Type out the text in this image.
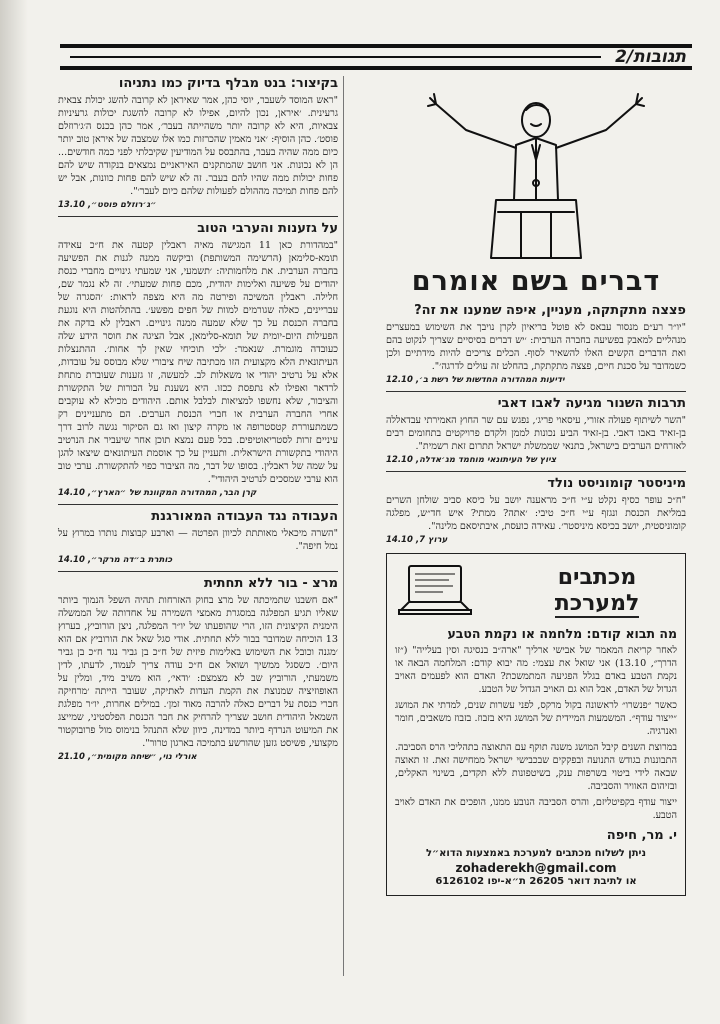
תגובות/2
דברים בשם אומרם
פצצה מתקתקה, מעניין, איפה שמענו את זה?
"יו״ר רע״ם מנסור עבאס לא פוטל בריאיון לקרן נויבך את השימוש במעצרים מנהליים למאבק בפשיעה בחברה הערבית: ׳יש דברים בסיסיים שצריך לנקוט בהם ואת הדברים הקשים האלו להשאיר לסוף. הכלים צריכים להיות מידתיים ולכן כשמדובר על סכנת חיים, פצצה מתקתקת, בהחלט זה עולים לדרגה׳".
ידיעות המהדורה החדשות של רשת ב׳, 12.10
תרבות השנור מגיעה לאבו דאבי
"השר לשיתוף פעולה אזורי, עיסאוי פריג׳, נפגש עם שר החוץ האמירתי עבדאללה בן-זאיד באבו דאבי. בן-זאיד הביע נכונות לממן ולקדם פרויקטים בתחומים רבים לאזרחים הערבים בישראל, בתנאי שממשלת ישראל תתרום זאת רשמית".
ציוץ של העיתונאי מוחמד מג׳אדלה, 12.10
מיניסטר קומוניסט נולד
"ח״כ עופר כסיף נקלט ע״י ח״כ מראענה יושב על כיסא סביב שולחן השרים במליאת הכנסת ונגזף ע״י ח״כ טיבי: ׳אתה? ממתי? איש חד״ש, מפלגה קומוניסטית, יושב בכיסא מיניסטר׳. עאידה כועסת, איבתיסאם מלינה".
ערוץ 7, 14.10
מכתבים
למערכת
מה תבוא קודם: מלחמה או נקמת הטבע
לאחר קריאת המאמר של אבישי ארליך "ארה״ב בנסיגה וסין בעלייה" (״זו הדרך״, 13.10) אני שואל את עצמי: מה יבוא קודם: המלחמה הבאה או נקמת הטבע באדם בגלל הפגיעה המתמשכת? האדם הוא לפעמים האויב הגדול של האדם, אבל הוא גם האויב הגדול של הטבע.
כאשר ״פנשרו״ לראשונה בקול מרקס, לפני עשרות שנים, למדתי את המושג ״ייצור עודף״. המשמעות המיידית של המושג היא בזבוז. בזבוז משאבים, חומר ואנרגיה.
במרוצת השנים קיבל המושג משנה תוקף עם התאוצה בתהליכי הרס הסביבה. התבוננות בגודש התנועה ובפקקים שבכבישי ישראל ממחישה זאת. זו תאוצה שבאה לידי ביטוי בשרפות ענק, בשיטפונות ללא תקדים, בשינוי האקלים, ובזיהום האוויר והסביבה.
ייצור עודף בקפיטליזם, והרס הסביבה הנובע ממנו, הופכים את האדם לאויב הטבע.
י. מר, חיפה
ניתן לשלוח מכתבים למערכת באמצעות הדוא״ל
zohaderekh@gmail.com
או לתיבת דואר 26205 ת״א-יפו 6126102
בקיצור: בנט מבלף בדיוק כמו נתניהו
"ראש המוסד לשעבר, יוסי כהן, אמר שאיראן לא קרובה להשג יכולת צבאית גרעינית. ׳איראן, נכון להיום, אפילו לא קרובה להשגת יכולות גרעיניות צבאיות, היא לא קרובה יותר משהייתה בעבר׳, אמר כהן בכנס ה׳ג׳רוזלם פוסט׳. כהן הוסיף: ׳אני מאמין שהכרזות כמו אלו שמצבה של איראן טוב יותר כיום ממה שהיה בעבר, בהתבסס על המודיעין שקיבלתי לפני כמה חודשים... הן לא נכונות. אני חושב שהמתקנים האיראניים נמצאים בנקודה שיש להם פחות יכולות ממה שהיו להם בעבר. זה לא שיש להם פחות כוונות, אבל יש להם פחות תמיכה מההולם לפעולות שלהם כיום לעבר׳".
״ג׳רוזלם פוסט״, 13.10
על גזענות והערבי הטוב
"במהדורת כאן 11 המגישה מאיה ראבלין קטעה את ח״כ עאידה תומא-סלימאן (הרשימה המשותפת) וביקשה ממנה לגנות את הפשיעה בחברה הערבית. את מלחמותיה: ׳תשמעי, אני שמעתי גינויים מחברי כנסת יהודים על פשיעה ואלימות יהודית, מכם פחות שמעתי׳. זה לא נגמר שם, חלילה. ראבלין המשיכה ופירטה מה היא מצפה לראות: ׳הסגרה של עבריינים, כאלה שגורמים למוות של חפים מפשע׳. בהתלהטות היא נוגעת בחברה הכנסת על כך שלא שמעה ממנה גינויים. ראבלין לא בדקה את הפעילות היום-יומית של תומא-סלימאן, אבל הציגה את חוסר הידע שלה כעובדה מוגמרת. שנאמר: ׳לכי תוכיחי שאין לך אחות׳. ההתנצלות העיתונאית הלא מקצועית הזו מכתיבה שיח ציבורי שלא מבוסס על עובדות, אלא על נרטיב יהודי או משאלות לב. למעשה, זו גזענות שעוברת מתחת לרדאר ואפילו לא נתפסת ככזו. היא נשענת על הבורות של התקשורת והציבור, שלא נחשפו למציאות לבלבל אותם. היהודים מכילא לא עוקבים אחרי החברה הערבית או חברי הכנסת הערבים. הם מתעניינים רק כשמתעוררת קטסטרופה או מקרה קיצון ואז גם הסיקור נגשה לרוב דרך עיניים זרות לסטריאוטיפים. בכל פעם נמצא תוכן אחר שיעביר את הנרטיב היהודי בתקשורת הישראלית. ותעניין על כך אוסמת העיתונאים שיצאו להגן על שמה של ראבלין. בסופו של דבר, מה הציבור כפוי להתקשורת. ערבי טוב הוא ערבי שמסכים לנרטיב היהודי".
קרן הבר, המהדורה המקוונת של ״הארץ״, 14.10
העבודה נגד העבודה המאורגנת
"השרה מיכאלי מאותתת לכיוון הפרטה — וארבע קבוצות נותרו במרוץ על נמל חיפה".
כותרת ב״דה מרקר״, 14.10
מרצ - בור ללא תחתית
"אם חשבנו שתמיכתה של מרצ בחוק האזרחות תהיה השפל הנמוך ביותר שאליו תגיע המפלגה במסגרת מאמצי השמירה על אחדותה של הממשלה הימנית הקיצונית הזו, הרי שהופעתו של יו״ר המפלגה, ניצן הורוביץ, בערוץ 13 הוכיחה שמדובר בבור ללא תחתית. אודי סגל שאל את הורוביץ אם הוא ׳מגנה וכובל את השימוש באלימות פיזית של ח״כ בן גביר נגד ח״כ בן גביר היום׳. כשסגל ממשיך ושואל אם ח״כ עודה צריך לעמוד, לדעתו, לדין משמעתי, הורוביץ שב לא מצמצם: ׳ודאי׳, הוא משיב מיד, ומלין על האופוזיציה שמנוצת את הקמת העדות לאתיקה, שעובר הייתה ׳מרחיקה חברי כנסת על דברים כאלה להרבה מאוד זמן׳. במילים אחרות, יו״ר מפלגת השמאל היהודית חושב שצריך להרחיק את חבר הכנסת הפלסטיני, שמייצג את המיעוט הנרדף ביותר במדינה, כיוון שלא התנהל בנימוס מול פרובוקטור מקצועי, פשיסט גזען שהורשע בתמיכה בארגון טרור".
אורלי נוי, ״שיחה מקומית״, 21.10
